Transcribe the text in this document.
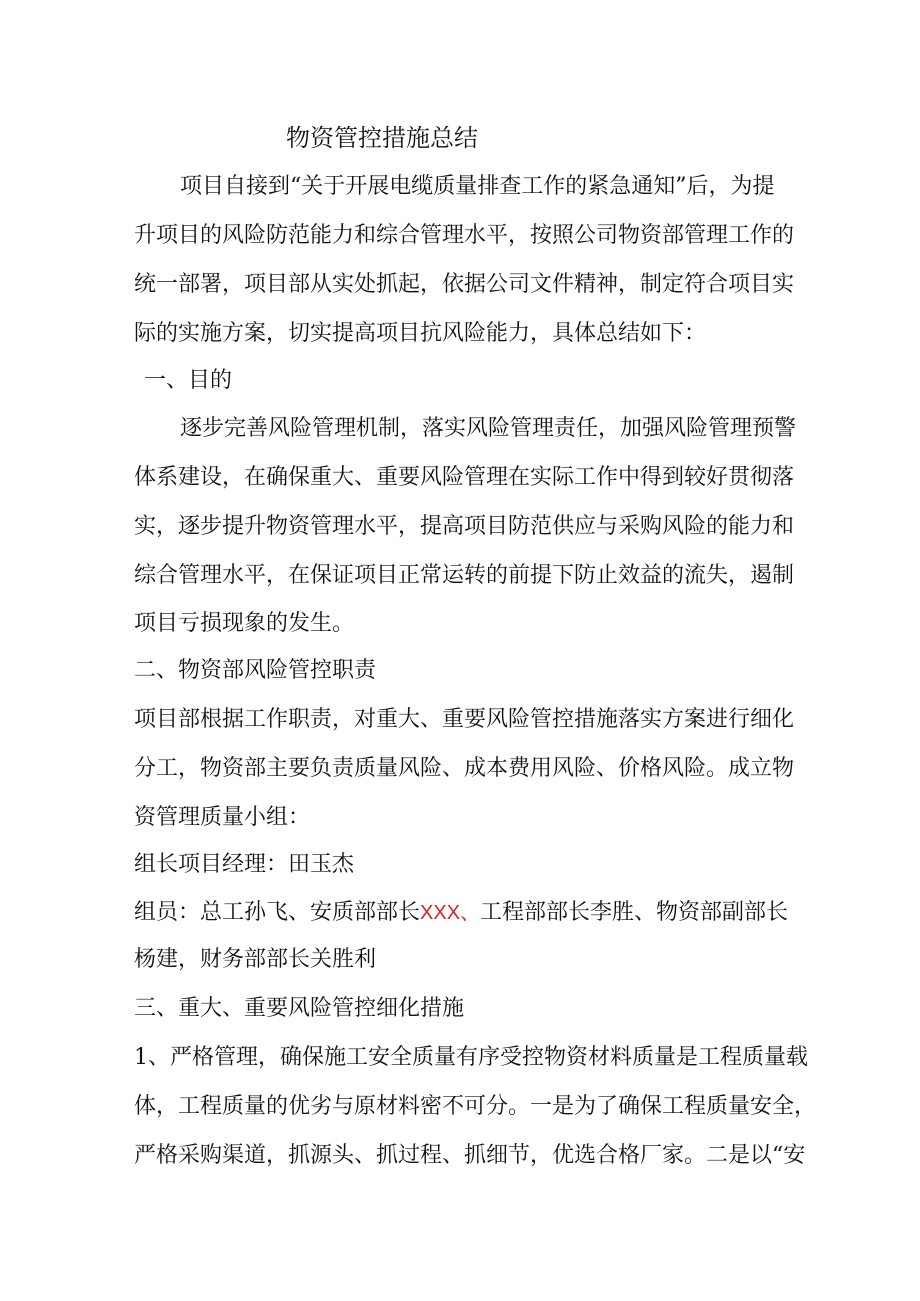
物资管控措施总结
项目自接到“关于开展电缆质量排查工作的紧急通知”后，为提
升项目的风险防范能力和综合管理水平，按照公司物资部管理工作的
统一部署，项目部从实处抓起，依据公司文件精神，制定符合项目实
际的实施方案，切实提高项目抗风险能力，具体总结如下：
一、目的
逐步完善风险管理机制，落实风险管理责任，加强风险管理预警
体系建设，在确保重大、重要风险管理在实际工作中得到较好贯彻落
实，逐步提升物资管理水平，提高项目防范供应与采购风险的能力和
综合管理水平，在保证项目正常运转的前提下防止效益的流失，遏制
项目亏损现象的发生。
二、物资部风险管控职责
项目部根据工作职责，对重大、重要风险管控措施落实方案进行细化
分工，物资部主要负责质量风险、成本费用风险、价格风险。成立物
资管理质量小组：
组长项目经理：田玉杰
组员：总工孙飞、安质部部长XXX、工程部部长李胜、物资部副部长
杨建，财务部部长关胜利
三、重大、重要风险管控细化措施
1、严格管理，确保施工安全质量有序受控物资材料质量是工程质量载
体，工程质量的优劣与原材料密不可分。一是为了确保工程质量安全，
严格采购渠道，抓源头、抓过程、抓细节，优选合格厂家。二是以“安
